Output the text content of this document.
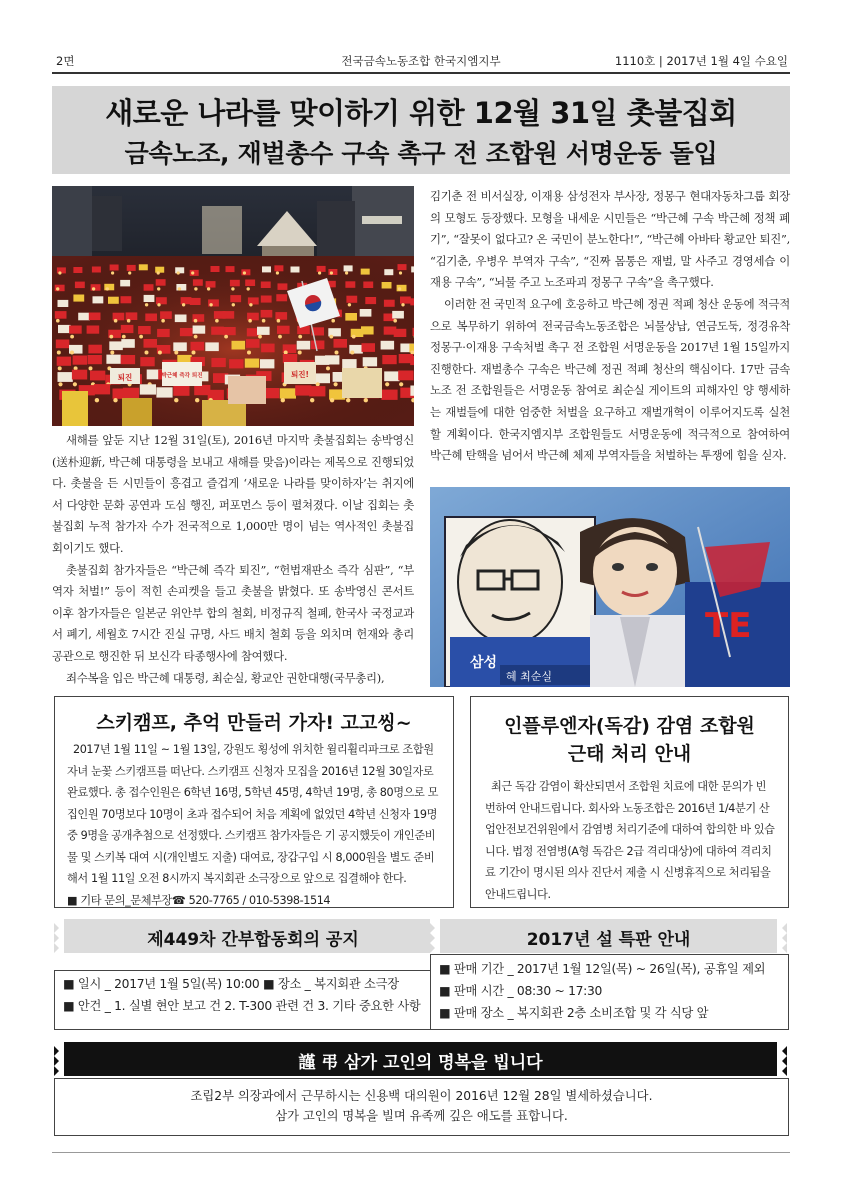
2면	전국금속노동조합 한국지엠지부	1110호 | 2017년 1월 4일 수요일
새로운 나라를 맞이하기 위한 12월 31일 촛불집회
금속노조, 재벌총수 구속 촉구 전 조합원 서명운동 돌입
박근혜 즉각 퇴진	퇴진!
퇴진

새해를 앞둔 지난 12월 31일(토), 2016년 마지막 촛불집회는 송박영신(送朴迎新, 박근혜 대통령을 보내고 새해를 맞음)이라는 제목으로 진행되었다. 촛불을 든 시민들이 흥겹고 즐겁게 ‘새로운 나라를 맞이하자’는 취지에서 다양한 문화 공연과 도심 행진, 퍼포먼스 등이 펼쳐졌다. 이날 집회는 촛불집회 누적 참가자 수가 전국적으로 1,000만 명이 넘는 역사적인 촛불집회이기도 했다.

촛불집회 참가자들은 “박근혜 즉각 퇴진”, “헌법재판소 즉각 심판”, “부역자 처벌!” 등이 적힌 손피켓을 들고 촛불을 밝혔다. 또 송박영신 콘서트 이후 참가자들은 일본군 위안부 합의 철회, 비정규직 철폐, 한국사 국정교과서 폐기, 세월호 7시간 진실 규명, 사드 배치 철회 등을 외치며 헌재와 총리 공관으로 행진한 뒤 보신각 타종행사에 참여했다.

죄수복을 입은 박근혜 대통령, 최순실, 황교안 권한대행(국무총리),

김기춘 전 비서실장, 이재용 삼성전자 부사장, 정몽구 현대자동차그룹 회장의 모형도 등장했다. 모형을 내세운 시민들은 “박근혜 구속 박근혜 정책 폐기”, “잘못이 없다고? 온 국민이 분노한다!”, “박근혜 아바타 황교안 퇴진”, “김기춘, 우병우 부역자 구속”, “진짜 몸통은 재벌, 말 사주고 경영세습 이재용 구속”, “뇌물 주고 노조파괴 정몽구 구속”을 촉구했다.

이러한 전 국민적 요구에 호응하고 박근혜 정권 적폐 청산 운동에 적극적으로 복무하기 위하여 전국금속노동조합은 뇌물상납, 연금도둑, 정경유착 정몽구·이재용 구속처벌 촉구 전 조합원 서명운동을 2017년 1월 15일까지 진행한다. 재벌총수 구속은 박근혜 정권 적폐 청산의 핵심이다. 17만 금속노조 전 조합원들은 서명운동 참여로 최순실 게이트의 피해자인 양 행세하는 재벌들에 대한 엄중한 처벌을 요구하고 재벌개혁이 이루어지도록 실천할 계획이다. 한국지엠지부 조합원들도 서명운동에 적극적으로 참여하여 박근혜 탄핵을 넘어서 박근혜 체제 부역자들을 처벌하는 투쟁에 힘을 싣자.

삼성
혜 최순실
TE
스키캠프, 추억 만들러 가자! 고고씽~
2017년 1월 11일 ~ 1월 13일, 강원도 횡성에 위치한 윌리휠리파크로 조합원 자녀 눈꽃 스키캠프를 떠난다. 스키캠프 신청자 모집을 2016년 12월 30일자로 완료했다. 총 접수인원은 6학년 16명, 5학년 45명, 4학년 19명, 총 80명으로 모집인원 70명보다 10명이 초과 접수되어 처음 계획에 없었던 4학년 신청자 19명 중 9명을 공개추첨으로 선정했다. 스키캠프 참가자들은 기 공지했듯이 개인준비물 및 스키복 대여 시(개인별도 지출) 대여료, 장갑구입 시 8,000원을 별도 준비해서 1월 11일 오전 8시까지 복지회관 소극장으로 앞으로 집결해야 한다.
■ 기타 문의_문체부장☎ 520-7765 / 010-5398-1514
인플루엔자(독감) 감염 조합원
근태 처리 안내
최근 독감 감염이 확산되면서 조합원 치료에 대한 문의가 빈번하여 안내드립니다. 회사와 노동조합은 2016년 1/4분기 산업안전보건위원에서 감염병 처리기준에 대하여 합의한 바 있습니다. 법정 전염병(A형 독감은 2급 격리대상)에 대하여 격리치료 기간이 명시된 의사 진단서 제출 시 신병휴직으로 처리됨을 안내드립니다.
제449차 간부합동회의 공지
■ 일시 _ 2017년 1월 5일(목) 10:00 ■ 장소 _ 복지회관 소극장
■ 안건 _ 1. 실별 현안 보고 건 2. T-300 관련 건 3. 기타 중요한 사항
2017년 설 특판 안내
■ 판매 기간 _ 2017년 1월 12일(목) ~ 26일(목), 공휴일 제외
■ 판매 시간 _ 08:30 ~ 17:30
■ 판매 장소 _ 복지회관 2층 소비조합 및 각 식당 앞
謹 弔 삼가 고인의 명복을 빕니다
조립2부 의장과에서 근무하시는 신용백 대의원이 2016년 12월 28일 별세하셨습니다.
삼가 고인의 명복을 빌며 유족께 깊은 애도를 표합니다.
